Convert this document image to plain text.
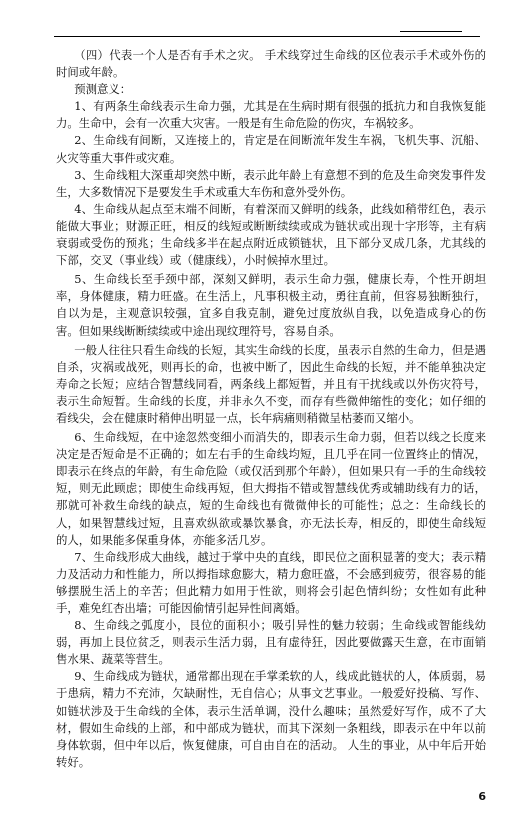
（四）代表一个人是否有手术之灾。 手术线穿过生命线的区位表示手术或外伤的时间或年龄。

预测意义：

1、有两条生命线表示生命力强，尤其是在生病时期有很强的抵抗力和自我恢复能力。生命中，会有一次重大灾害。一般是有生命危险的伤灾，车祸较多。

2、生命线有间断，又连接上的，肯定是在间断流年发生车祸，飞机失事、沉船、火灾等重大事件或灾难。

3、生命线粗大深重却突然中断，表示此年龄上有意想不到的危及生命突发事件发生，大多数情况下是要发生手术或重大车伤和意外受外伤。

4、生命线从起点至末端不间断，有着深而又鲜明的线条，此线如稍带红色，表示能做大事业；财源正旺，相反的线短或断断续续或成为链状或出现十字形等，主有病衰弱或受伤的预兆；生命线多半在起点附近成锁链状，且下部分叉成几条，尤其线的下部，交叉（事业线）或（健康线），小时候掉水里过。

5、生命线长至手颈中部，深刻又鲜明，表示生命力强，健康长寿，个性开朗坦率，身体健康，精力旺盛。在生活上，凡事积极主动，勇往直前，但容易独断独行，自以为是，主观意识较强，宜多自我克制，避免过度放纵自我，以免造成身心的伤害。但如果线断断续续或中途出现纹理符号，容易自杀。

一般人往往只看生命线的长短，其实生命线的长度，虽表示自然的生命力，但是遇自杀，灾祸或战死，则再长的命，也被中断了，因此生命线的长短，并不能单独决定寿命之长短；应结合智慧线同看，两条线上都短暂，并且有干扰线或以外伤灾符号，表示生命短暂。生命线的长度，并非永久不变，而存有些微伸缩性的变化；如仔细的看线尖，会在健康时稍伸出明显一点，长年病痛则稍微呈枯萎而又缩小。

6、生命线短，在中途忽然变细小而消失的，即表示生命力弱，但若以线之长度来决定是否短命是不正确的；如左右手的生命线均短，且几乎在同一位置终止的情况，即表示在终点的年龄，有生命危险（或仅活到那个年龄），但如果只有一手的生命线较短，则无此顾虑；即使生命线再短，但大拇指不错或智慧线优秀或辅助线有力的话，那就可补救生命线的缺点，短的生命线也有微微伸长的可能性；总之：生命线长的人，如果智慧线过短，且喜欢纵欲或暴饮暴食，亦无法长寿，相反的，即使生命线短的人，如果能多保重身体，亦能多活几岁。

7、生命线形成大曲线，越过于掌中央的直线，即民位之面积显著的变大；表示精力及活动力和性能力，所以拇指球愈膨大，精力愈旺盛，不会感到疲劳，很容易的能够摆脱生活上的辛苦；但此精力如用于性欲，则将会引起色情纠纷；女性如有此种手，难免红杏出墙；可能因偷情引起异性间离婚。

8、生命线之弧度小，艮位的面积小；吸引异性的魅力较弱；生命线或智能线幼弱，再加上艮位贫乏，则表示生活力弱，且有虚待狂，因此要做露天生意，在市面销售水果、蔬菜等营生。

9、生命线成为链状，通常都出现在手掌柔软的人，线成此链状的人，体质弱，易于患病，精力不充沛，欠缺耐性，无自信心；从事文艺事业。一般爱好投稿、写作、如链状涉及于生命线的全体，表示生活单调，没什么趣味；虽然爱好写作，成不了大材，假如生命线的上部，和中部成为链状，而其下深刻一条粗线，即表示在中年以前身体软弱，但中年以后，恢复健康，可自由自在的活动。 人生的事业，从中年后开始转好。

6
